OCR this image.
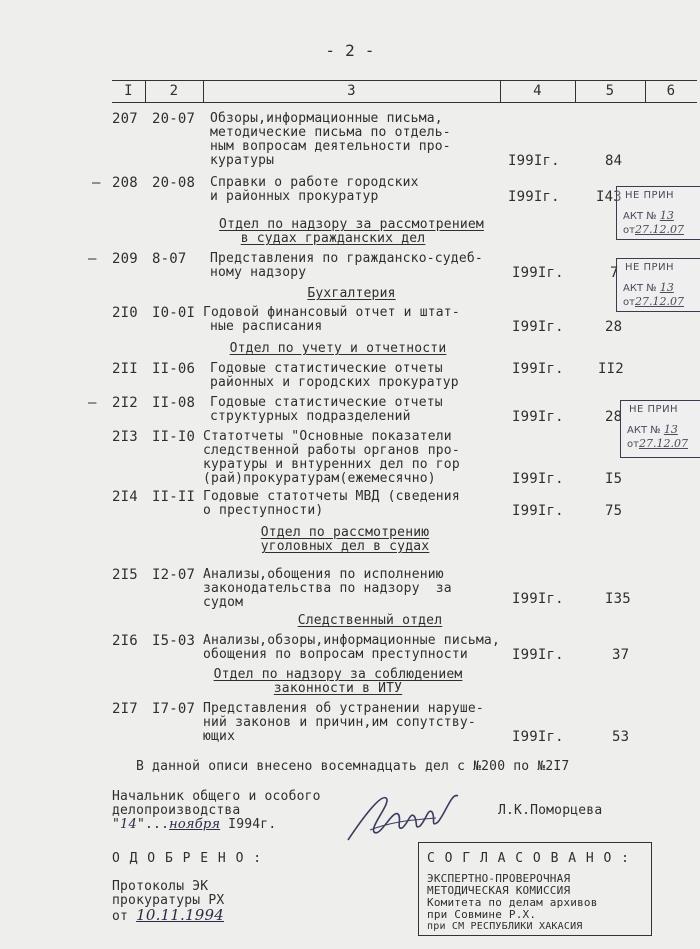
- 2 -
I	2	3	4	5	6
207 20-07 Обзоры,информационные письма,
методические письма по отдель-
ным вопросам деятельности про-
куратуры	I99Iг.	84
— 208 20-08 Справки о работе городских
и районных прокуратур	I99Iг.	I43
Отдел по надзору за рассмотрением
в судах гражданских дел
— 209 8-07 Представления по гражданско-судеб-
ному надзору	I99Iг.	7
Бухгалтерия
2I0 I0-0I Годовой финансовый отчет и штат-
ные расписания	I99Iг.	28
Отдел по учету и отчетности
2II II-06 Годовые статистические отчеты
районных и городских прокуратур
I99Iг. II2
— 2I2 II-08 Годовые статистические отчеты
структурных подразделений	I99Iг.	28
2I3 II-I0 Статотчеты "Основные показатели
следственной работы органов про-
куратуры и внтуренних дел по гор
(рай)прокуратурам(ежемесячно)	I99Iг.	I5
2I4 II-II Годовые статотчеты МВД (сведения
о преступности)	I99Iг.	75
Отдел по рассмотрению
уголовных дел в судах
2I5 I2-07 Анализы,обощения по исполнению
законодательства по надзору  за
судом	I99Iг.	I35
Следственный отдел
2I6 I5-03 Анализы,обзоры,информационные письма,
обощения по вопросам преступности	I99Iг.	37
Отдел по надзору за соблюдением
законности в ИТУ
2I7 I7-07 Представления об устранении наруше-
ний законов и причин,им сопутству-
ющих	I99Iг.	53
НЕ ПРИН
АКТ № 13
от27.12.07
НЕ ПРИН
АКТ № 13
от27.12.07
НЕ ПРИН
АКТ № 13
от27.12.07
В данной описи внесено восемнадцать дел с №200 по №2I7
Начальник общего и особого
делопроизводства
"14"...ноября I994г.
Л.К.Поморцева
О Д О Б Р Е Н О :
Протоколы ЭК
прокуратуры РХ
от 10.11.1994
С О Г Л А С О В А Н О :
ЭКСПЕРТНО-ПРОВЕРОЧНАЯ
МЕТОДИЧЕСКАЯ КОМИССИЯ
Комитета по делам архивов
при Совмине Р.Х.
при СМ РЕСПУБЛИКИ ХАКАСИЯ
